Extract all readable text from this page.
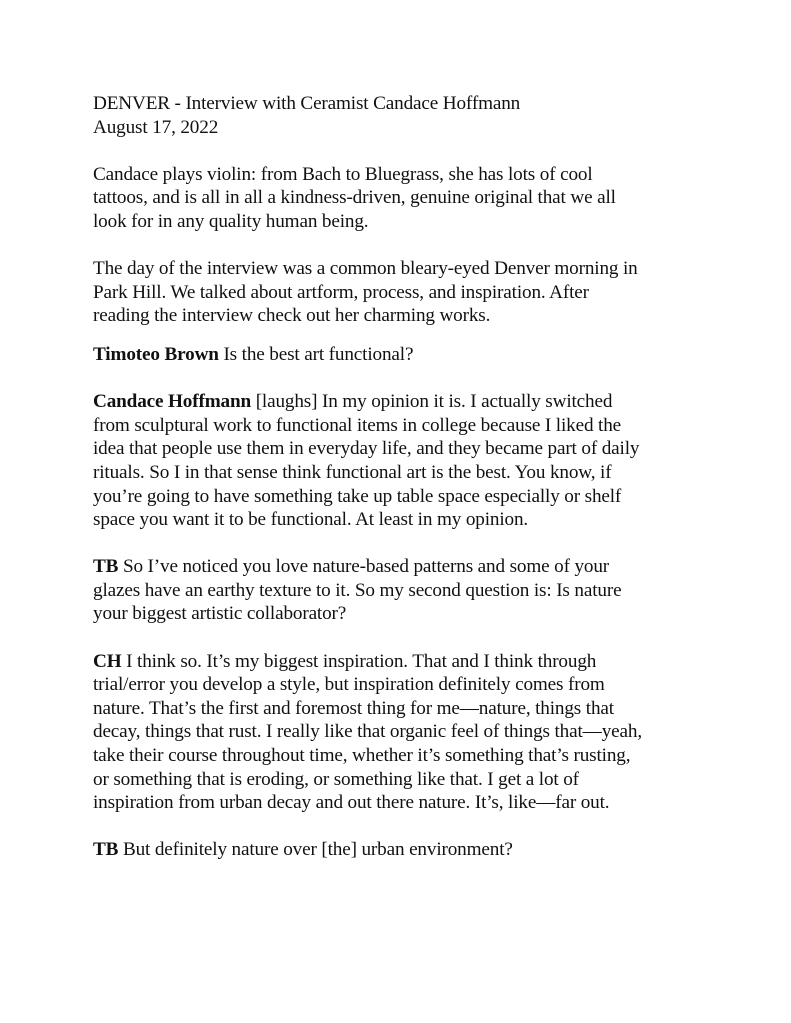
DENVER - Interview with Ceramist Candace Hoffmann
August 17, 2022
Candace plays violin: from Bach to Bluegrass, she has lots of cool
tattoos, and is all in all a kindness-driven, genuine original that we all
look for in any quality human being.
The day of the interview was a common bleary-eyed Denver morning in
Park Hill. We talked about artform, process, and inspiration. After
reading the interview check out her charming works.
Timoteo Brown Is the best art functional?
Candace Hoffmann [laughs] In my opinion it is. I actually switched
from sculptural work to functional items in college because I liked the
idea that people use them in everyday life, and they became part of daily
rituals. So I in that sense think functional art is the best. You know, if
you’re going to have something take up table space especially or shelf
space you want it to be functional. At least in my opinion.
TB So I’ve noticed you love nature-based patterns and some of your
glazes have an earthy texture to it. So my second question is: Is nature
your biggest artistic collaborator?
CH I think so. It’s my biggest inspiration. That and I think through
trial/error you develop a style, but inspiration definitely comes from
nature. That’s the first and foremost thing for me—nature, things that
decay, things that rust. I really like that organic feel of things that—yeah,
take their course throughout time, whether it’s something that’s rusting,
or something that is eroding, or something like that. I get a lot of
inspiration from urban decay and out there nature. It’s, like—far out.
TB But definitely nature over [the] urban environment?
